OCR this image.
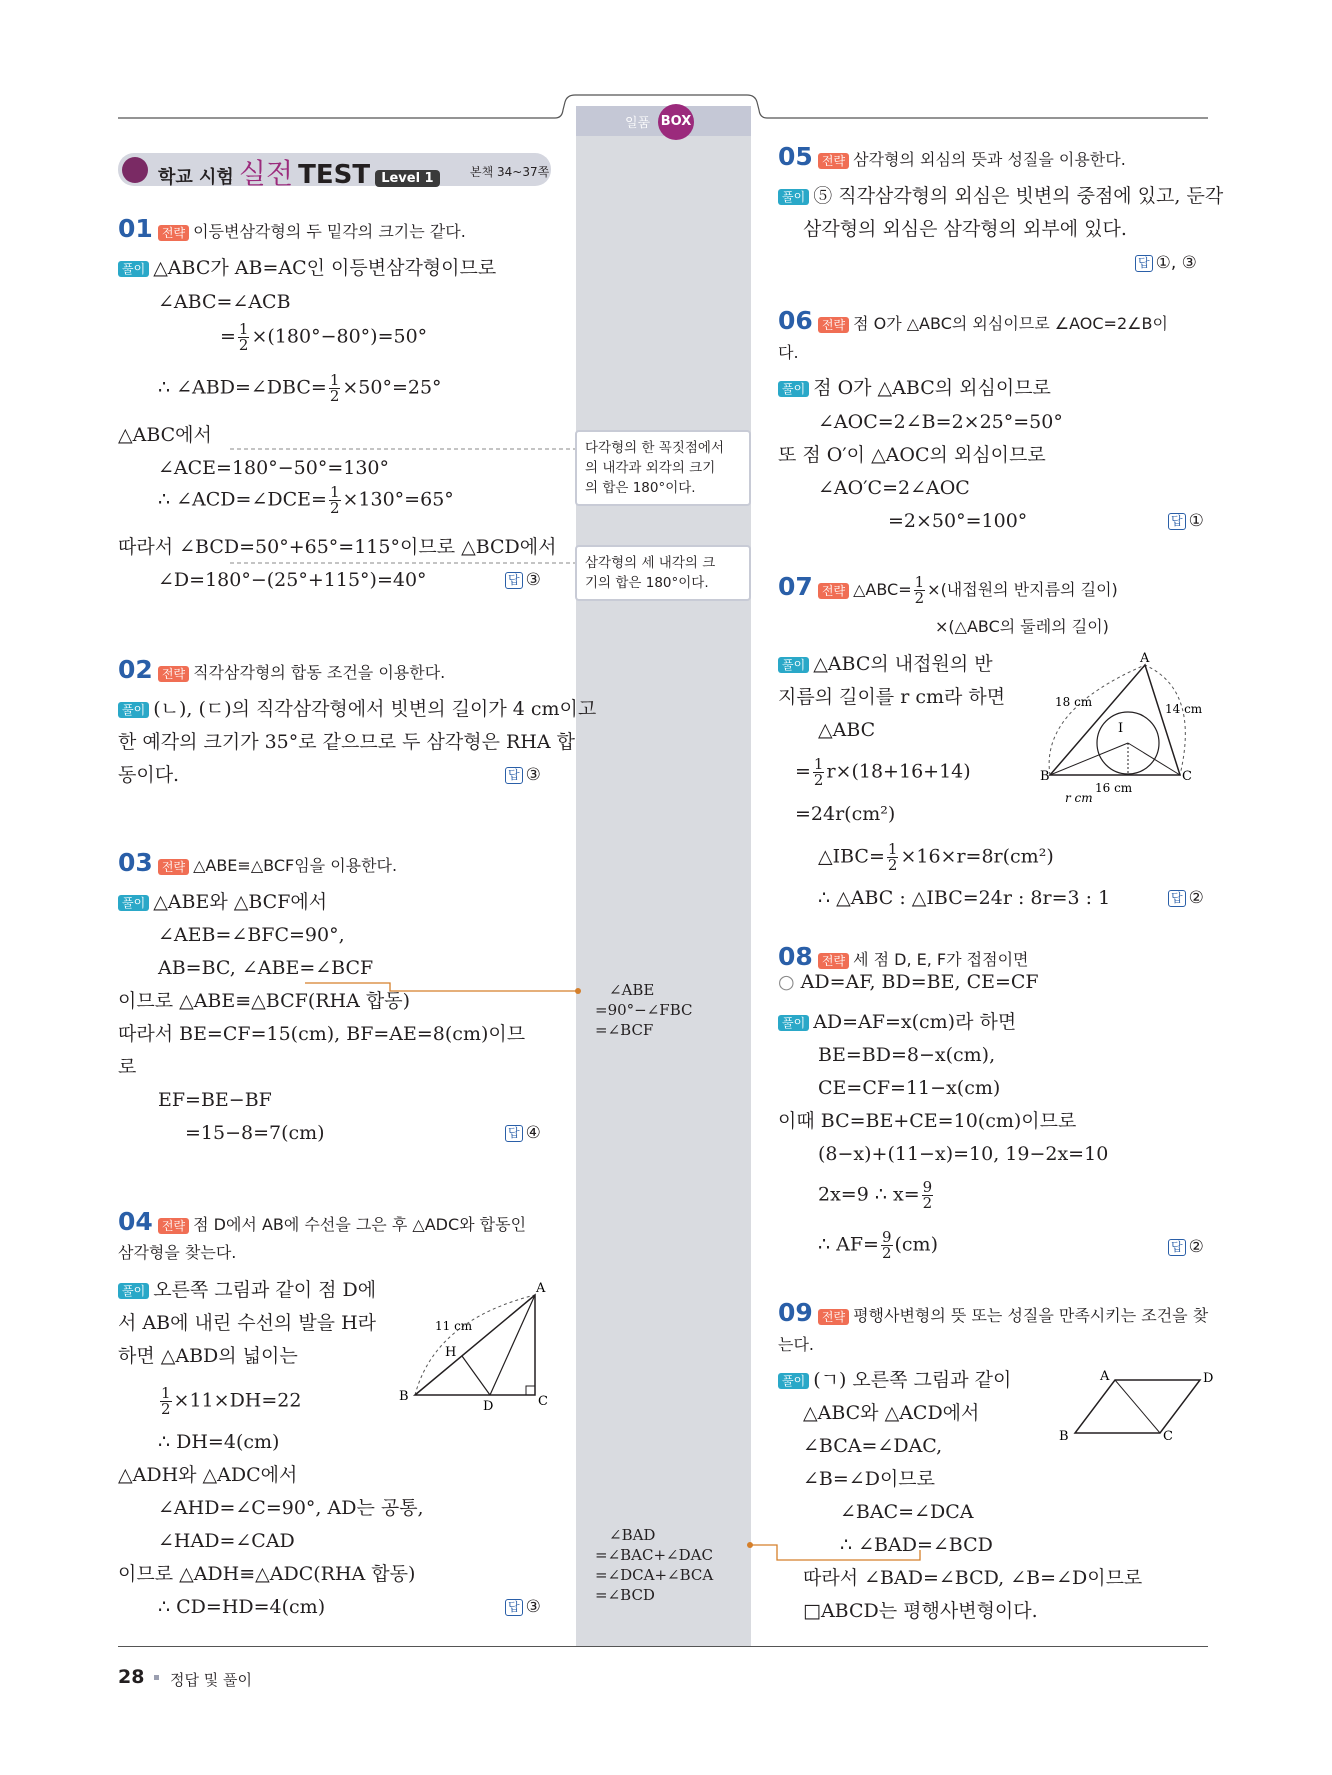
일품 BOX
학교 시험 실전 TEST Level 1	본책 34~37쪽
01 전략 이등변삼각형의 두 밑각의 크기는 같다.
풀이 △ABC가 AB=AC인 이등변삼각형이므로
∠ABC=∠ACB
= $\frac{1}{2} \times(180^\circ-80^\circ)=50^\circ$
∴ ∠ABD=∠DBC= $\frac{1}{2} \times 50^\circ=25^\circ$
△ABC에서
∠ACE=180°−50°=130°
∴ ∠ACD=∠DCE= $\frac{1}{2} \times 130^\circ=65^\circ$
따라서 ∠BCD=50°+65°=115°이므로 △BCD에서
∠D=180°−(25°+115°)=40°	답 ③
02 전략 직각삼각형의 합동 조건을 이용한다.
풀이 (ㄴ), (ㄷ)의 직각삼각형에서 빗변의 길이가 4 cm이고
한 예각의 크기가 35°로 같으므로 두 삼각형은 RHA 합
동이다.	답 ③
03 전략 △ABE≡△BCF임을 이용한다.
풀이 △ABE와 △BCF에서
∠AEB=∠BFC=90°,
AB=BC, ∠ABE=∠BCF
이므로 △ABE≡△BCF(RHA 합동)
따라서 BE=CF=15(cm), BF=AE=8(cm)이므
로
EF=BE−BF
=15−8=7(cm)	답 ④
04 전략 점 D에서 AB에 수선을 그은 후 △ADC와 합동인
삼각형을 찾는다.
풀이 오른쪽 그림과 같이 점 D에
서 AB에 내린 수선의 발을 H라
하면 △ABD의 넓이는
$\frac{1}{2} \times 11\times DH=22$
∴ DH=4(cm)
△ADH와 △ADC에서
∠AHD=∠C=90°, AD는 공통,
∠HAD=∠CAD
이므로 △ADH≡△ADC(RHA 합동)
∴ CD=HD=4(cm)	답 ③
A
B	C
D
H
11 cm
다각형의 한 꼭짓점에서
의 내각과 외각의 크기
의 합은 180°이다.
삼각형의 세 내각의 크
기의 합은 180°이다.
∠ABE
=90°−∠FBC
=∠BCF
∠BAD
=∠BAC+∠DAC
=∠DCA+∠BCA
=∠BCD
05 전략 삼각형의 외심의 뜻과 성질을 이용한다.
풀이 ⑤ 직각삼각형의 외심은 빗변의 중점에 있고, 둔각
삼각형의 외심은 삼각형의 외부에 있다.
답 ①, ③
06 전략 점 O가 △ABC의 외심이므로 ∠AOC=2∠B이
다.
풀이 점 O가 △ABC의 외심이므로
∠AOC=2∠B=2×25°=50°
또 점 O′이 △AOC의 외심이므로
∠AO′C=2∠AOC
=2×50°=100°	답 ①
07 전략 △ABC= $\frac{1}{2}$ ×(내접원의 반지름의 길이)
×(△ABC의 둘레의 길이)
풀이 △ABC의 내접원의 반
지름의 길이를 r cm라 하면
△ABC
= $\frac{1}{2} r\times(18+16+14)$
=24r(cm²)
△IBC= $\frac{1}{2} \times 16\times r=8r(cm^2)$
∴ △ABC : △IBC=24r : 8r=3 : 1	답 ②
A
B	C
I
18 cm	14 cm
16 cm
r cm
08 전략 세 점 D, E, F가 접점이면
○ AD=AF, BD=BE, CE=CF
풀이 AD=AF=x(cm)라 하면
BE=BD=8−x(cm),
CE=CF=11−x(cm)
이때 BC=BE+CE=10(cm)이므로
(8−x)+(11−x)=10, 19−2x=10
2x=9 ∴ $x= \frac{9}{2}$
∴ $AF= \frac{9}{2} (cm)$	답 ②
09 전략 평행사변형의 뜻 또는 성질을 만족시키는 조건을 찾
는다.
풀이 (ㄱ) 오른쪽 그림과 같이
△ABC와 △ACD에서
∠BCA=∠DAC,
∠B=∠D이므로
∠BAC=∠DCA
∴ ∠BAD=∠BCD
따라서 ∠BAD=∠BCD, ∠B=∠D이므로
□ABCD는 평행사변형이다.
A
B	C
D
28 정답 및 풀이
